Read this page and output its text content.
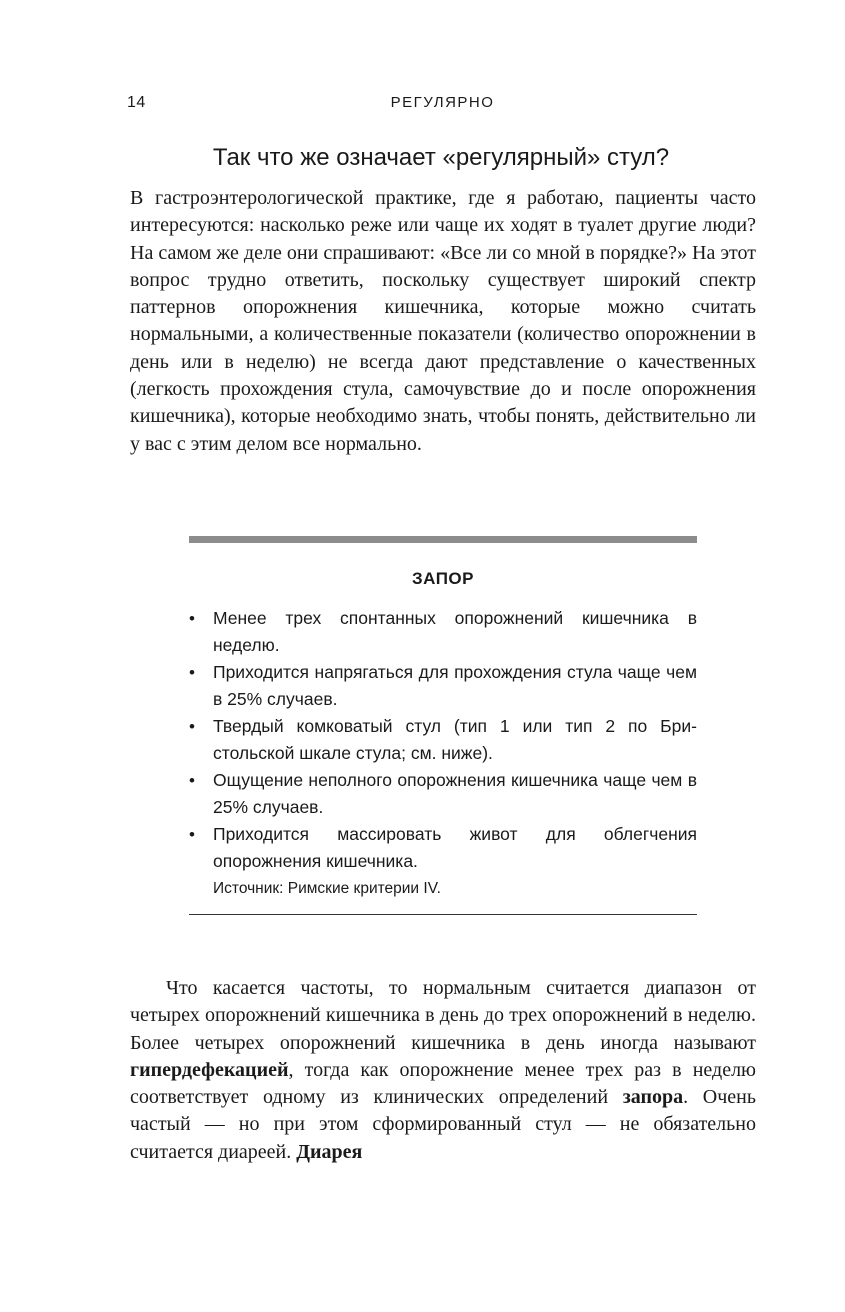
14	РЕГУЛЯРНО
Так что же означает «регулярный» стул?

В гастроэнтерологической практике, где я работаю, пациенты часто интересуются: насколько реже или чаще их ходят в туалет другие люди? На самом же деле они спрашивают: «Все ли со мной в порядке?» На этот вопрос трудно ответить, поскольку существует широкий спектр паттернов опорожнения кишечника, которые можно считать нормальными, а количественные показатели (количество опорожнении в день или в неделю) не всегда дают представление о качественных (легкость прохождения стула, самочувствие до и после опорожнения кишечника), которые необходимо знать, чтобы понять, действительно ли у вас с этим делом все нормально.

ЗАПОР
• Менее трех спонтанных опорожнений кишечника в неделю.
• Приходится напрягаться для прохождения стула чаще чем в 25% случаев.
• Твердый комковатый стул (тип 1 или тип 2 по Бристольской шкале стула; см. ниже).
• Ощущение неполного опорожнения кишечника чаще чем в 25% случаев.
• Приходится массировать живот для облегчения опорожнения кишечника.
Источник: Римские критерии IV.

Что касается частоты, то нормальным считается диапазон от четырех опорожнений кишечника в день до трех опорожнений в неделю. Более четырех опорожнений кишечника в день иногда называют гипердефекацией, тогда как опорожнение менее трех раз в неделю соответствует одному из клинических определений запора. Очень частый — но при этом сформированный стул — не обязательно считается диареей. Диарея
